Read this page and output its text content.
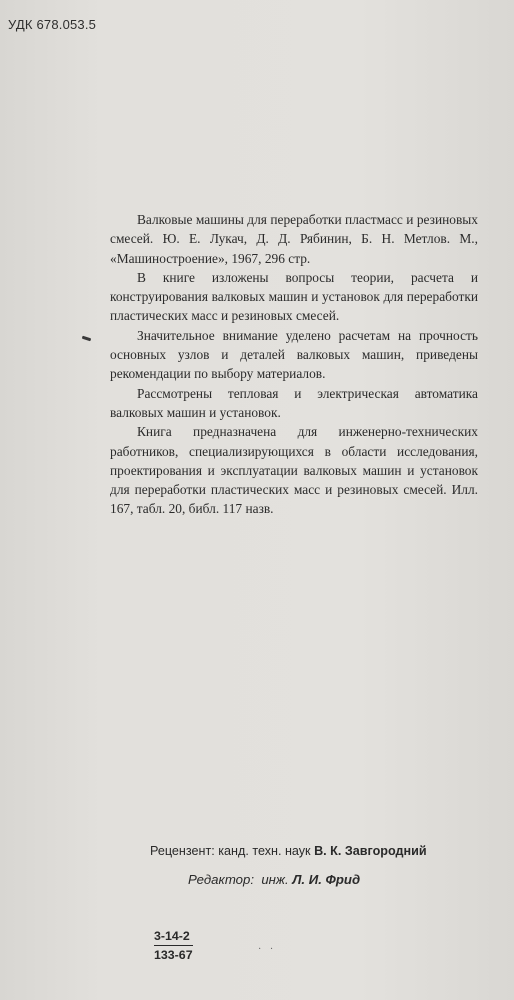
УДК 678.053.5

Валковые машины для переработки пластмасс и резиновых смесей. Ю. Е. Лукач, Д. Д. Рябинин, Б. Н. Метлов. М., «Машиностроение», 1967, 296 стр.

В книге изложены вопросы теории, расчета и конструирования валковых машин и установок для переработки пластических масс и резиновых смесей.

Значительное внимание уделено расчетам на прочность основных узлов и деталей валковых машин, приведены рекомендации по выбору материалов.

Рассмотрены тепловая и электрическая автоматика валковых машин и установок.

Книга предназначена для инженерно-технических работников, специализирующихся в области исследования, проектирования и эксплуатации валковых машин и установок для переработки пластических масс и резиновых смесей. Илл. 167, табл. 20, библ. 117 назв.

Рецензент: канд. техн. наук В. К. Завгородний
Редактор: инж. Л. И. Фрид
3-14-2
133-67	· ·
